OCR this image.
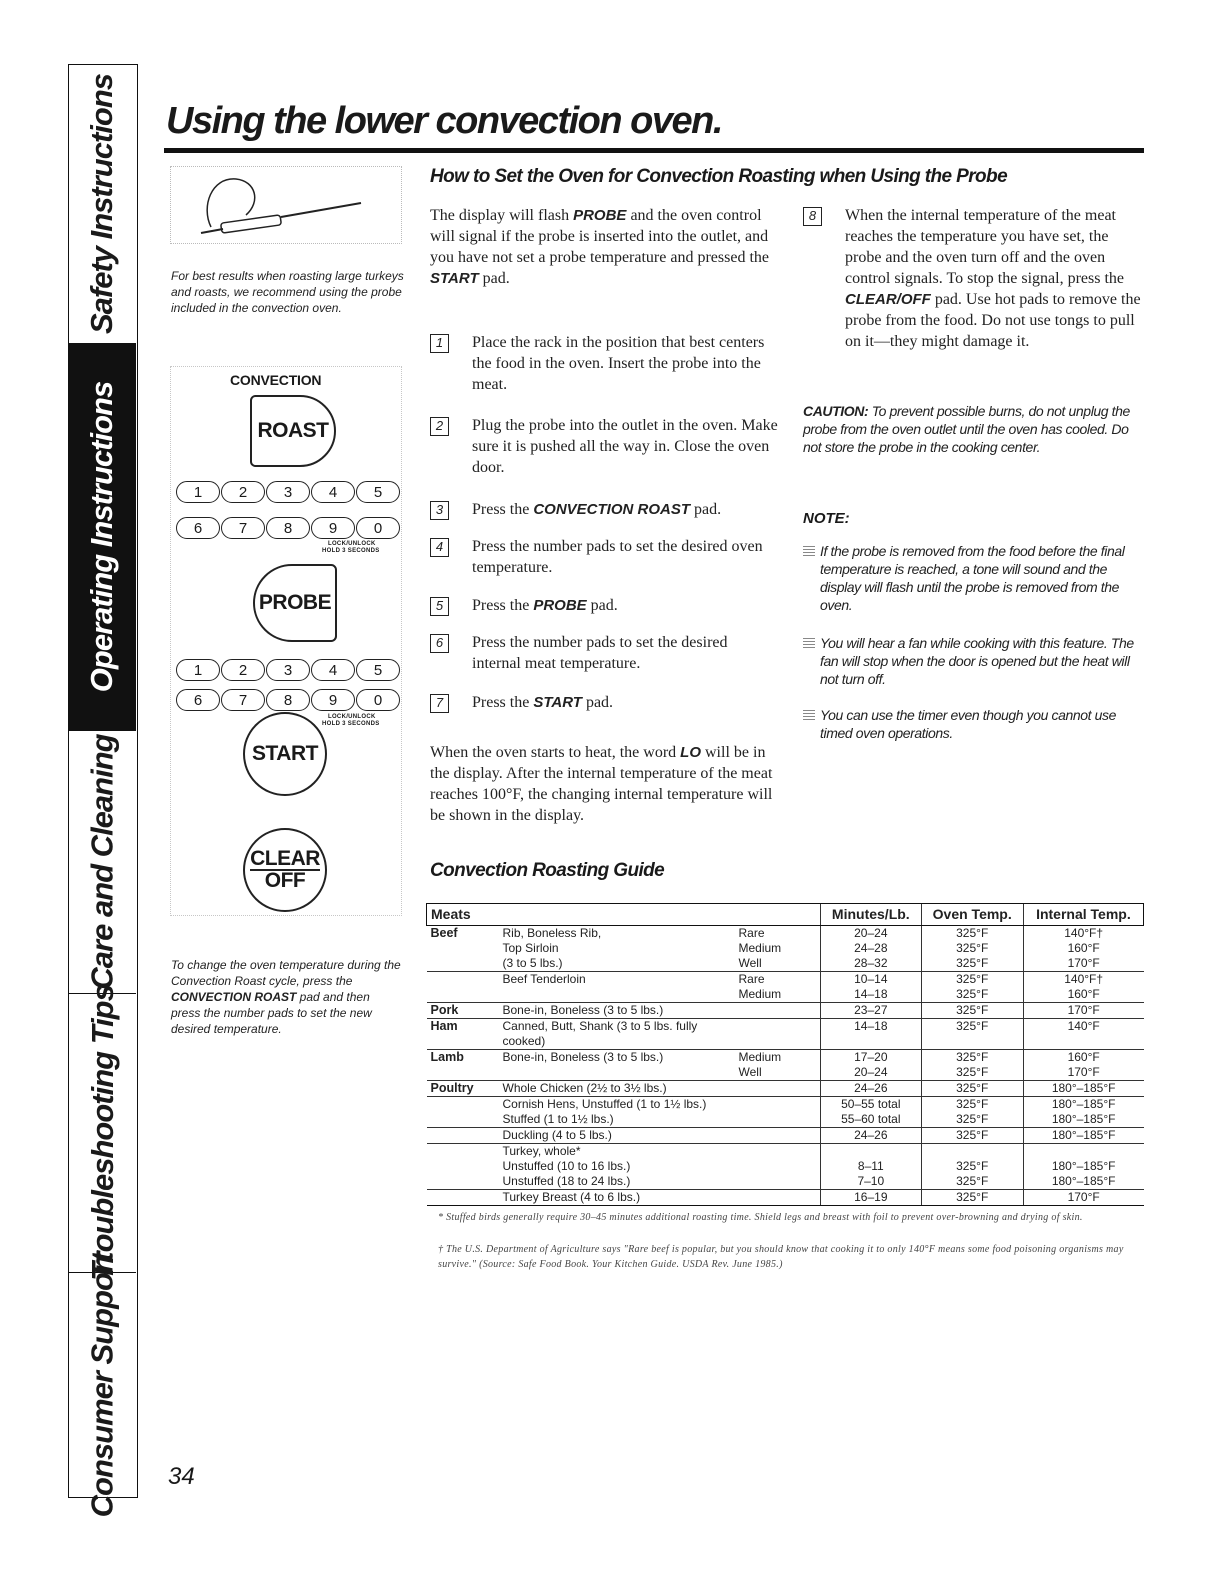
Safety Instructions
Operating Instructions
Care and Cleaning
Troubleshooting Tips
Consumer Support
Using the lower convection oven.
For best results when roasting large turkeys and roasts, we recommend using the probe included in the convection oven.
CONVECTION
ROAST
1	2	3	4	5
6	7	8	9	0
LOCK/UNLOCK
HOLD 3 SECONDS
PROBE
1	2	3	4	5
6	7	8	9	0
LOCK/UNLOCK
HOLD 3 SECONDS
START
CLEAR
OFF
To change the oven temperature during the Convection Roast cycle, press the CONVECTION ROAST pad and then press the number pads to set the new desired temperature.
How to Set the Oven for Convection Roasting when Using the Probe
The display will flash PROBE and the oven control will signal if the probe is inserted into the outlet, and you have not set a probe temperature and pressed the START pad.
1	Place the rack in the position that best centers the food in the oven. Insert the probe into the meat.
2	Plug the probe into the outlet in the oven. Make sure it is pushed all the way in. Close the oven door.
3	Press the CONVECTION ROAST pad.
4	Press the number pads to set the desired oven temperature.
5	Press the PROBE pad.
6	Press the number pads to set the desired internal meat temperature.
7	Press the START pad.
When the oven starts to heat, the word LO will be in the display. After the internal temperature of the meat reaches 100°F, the changing internal temperature will be shown in the display.
8	When the internal temperature of the meat reaches the temperature you have set, the probe and the oven turn off and the oven control signals. To stop the signal, press the CLEAR/OFF pad. Use hot pads to remove the probe from the food. Do not use tongs to pull on it—they might damage it.
CAUTION: To prevent possible burns, do not unplug the probe from the oven outlet until the oven has cooled. Do not store the probe in the cooking center.
NOTE:
If the probe is removed from the food before the final temperature is reached, a tone will sound and the display will flash until the probe is removed from the oven.
You will hear a fan while cooking with this feature. The fan will stop when the door is opened but the heat will not turn off.
You can use the timer even though you cannot use timed oven operations.
Convection Roasting Guide
Meats			Minutes/Lb.	Oven Temp.	Internal Temp.
Beef	Rib, Boneless Rib,	Rare	20–24	325°F	140°F†
	Top Sirloin	Medium	24–28	325°F	160°F
	(3 to 5 lbs.)	Well	28–32	325°F	170°F
	Beef Tenderloin	Rare	10–14	325°F	140°F†
		Medium	14–18	325°F	160°F
Pork	Bone-in, Boneless (3 to 5 lbs.)		23–27	325°F	170°F
Ham	Canned, Butt, Shank (3 to 5 lbs. fully cooked)		14–18	325°F	140°F
Lamb	Bone-in, Boneless (3 to 5 lbs.)	Medium	17–20	325°F	160°F
		Well	20–24	325°F	170°F
Poultry	Whole Chicken (2½ to 3½ lbs.)		24–26	325°F	180°–185°F
	Cornish Hens, Unstuffed (1 to 1½ lbs.)		50–55 total	325°F	180°–185°F
	Stuffed (1 to 1½ lbs.)		55–60 total	325°F	180°–185°F
	Duckling (4 to 5 lbs.)		24–26	325°F	180°–185°F
	Turkey, whole*				
	Unstuffed (10 to 16 lbs.)		8–11	325°F	180°–185°F
	Unstuffed (18 to 24 lbs.)		7–10	325°F	180°–185°F
	Turkey Breast (4 to 6 lbs.)		16–19	325°F	170°F
* Stuffed birds generally require 30–45 minutes additional roasting time. Shield legs and breast with foil to prevent over-browning and drying of skin.
† The U.S. Department of Agriculture says "Rare beef is popular, but you should know that cooking it to only 140°F means some food poisoning organisms may survive." (Source: Safe Food Book. Your Kitchen Guide. USDA Rev. June 1985.)
34
